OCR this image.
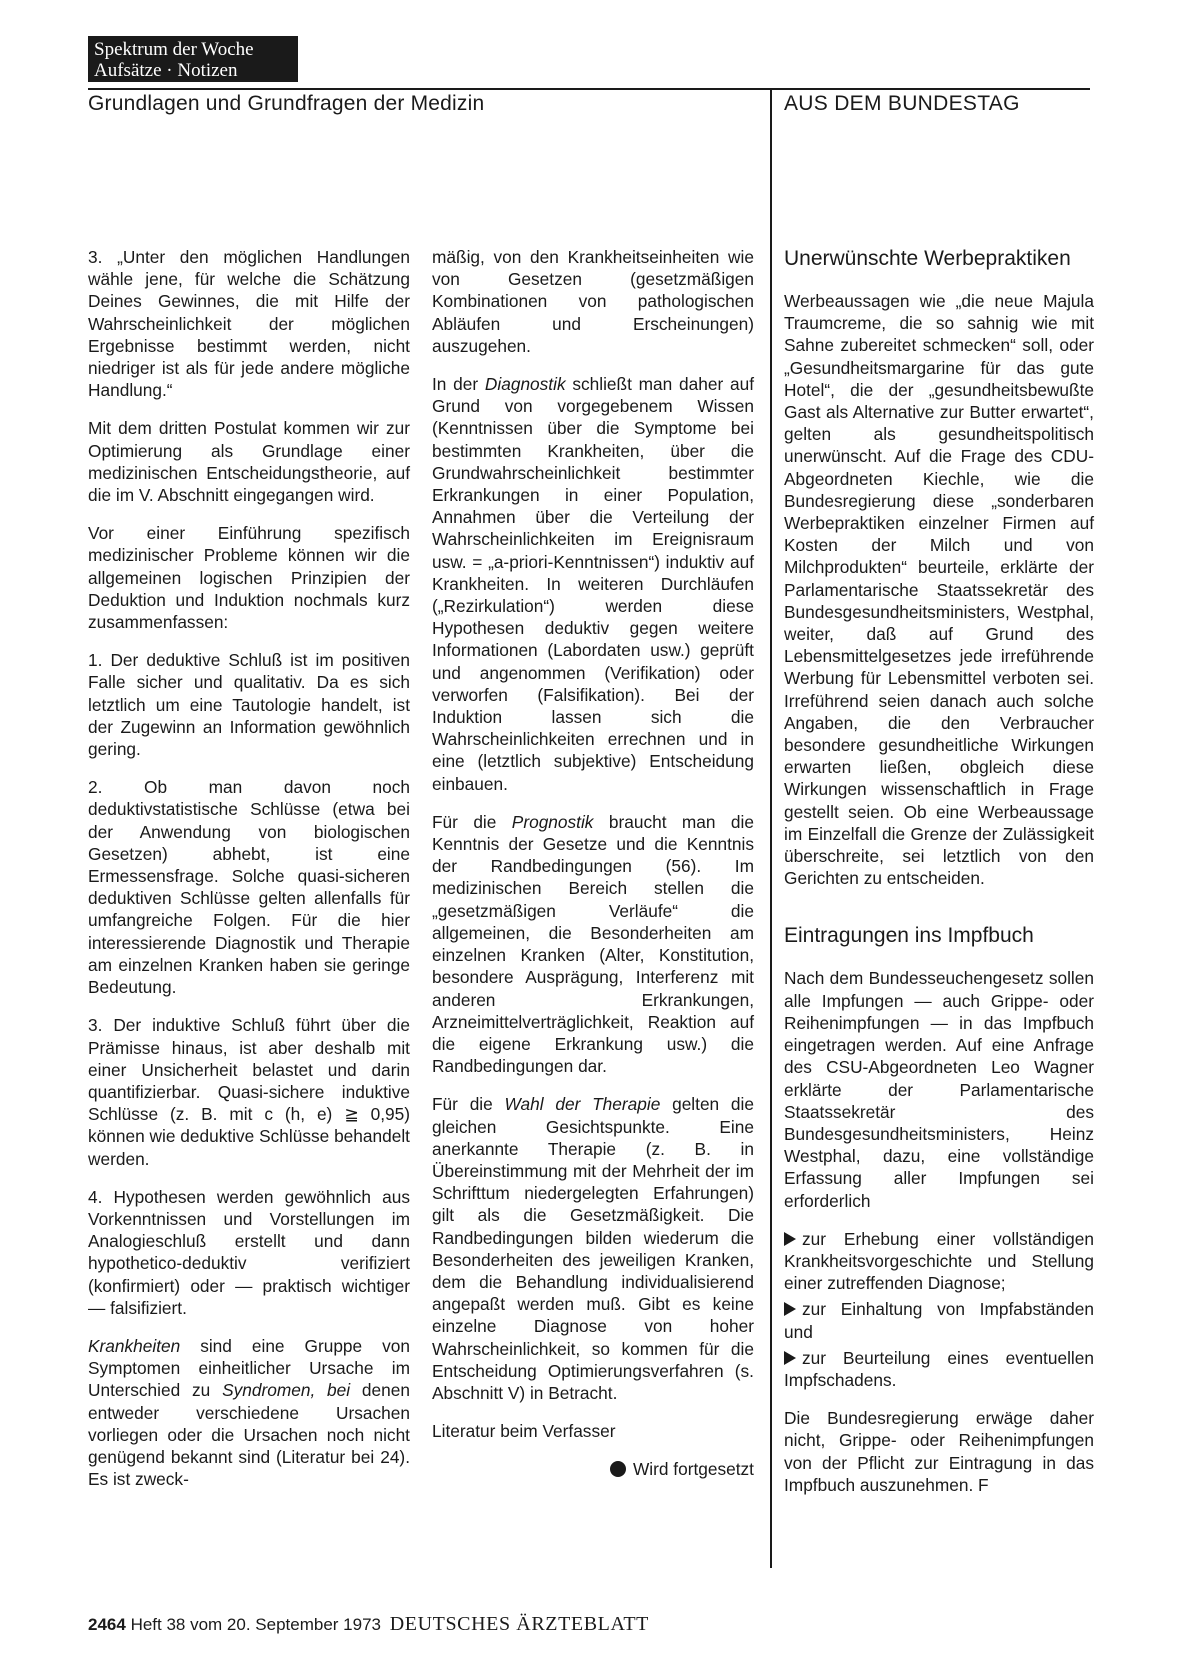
Spektrum der Woche
Aufsätze · Notizen
Grundlagen und Grundfragen der Medizin	AUS DEM BUNDESTAG

3. „Unter den möglichen Handlungen wähle jene, für welche die Schätzung Deines Gewinnes, die mit Hilfe der Wahrscheinlichkeit der möglichen Ergebnisse bestimmt werden, nicht niedriger ist als für jede andere mögliche Handlung.“

Mit dem dritten Postulat kommen wir zur Optimierung als Grundlage einer medizinischen Entscheidungstheorie, auf die im V. Abschnitt eingegangen wird.

Vor einer Einführung spezifisch medizinischer Probleme können wir die allgemeinen logischen Prinzipien der Deduktion und Induktion nochmals kurz zusammenfassen:

1. Der deduktive Schluß ist im positiven Falle sicher und qualitativ. Da es sich letztlich um eine Tautologie handelt, ist der Zugewinn an Information gewöhnlich gering.

2. Ob man davon noch deduktivstatistische Schlüsse (etwa bei der Anwendung von biologischen Gesetzen) abhebt, ist eine Ermessensfrage. Solche quasi-sicheren deduktiven Schlüsse gelten allenfalls für umfangreiche Folgen. Für die hier interessierende Diagnostik und Therapie am einzelnen Kranken haben sie geringe Bedeutung.

3. Der induktive Schluß führt über die Prämisse hinaus, ist aber deshalb mit einer Unsicherheit belastet und darin quantifizierbar. Quasi-sichere induktive Schlüsse (z. B. mit c (h, e) ≧ 0,95) können wie deduktive Schlüsse behandelt werden.

4. Hypothesen werden gewöhnlich aus Vorkenntnissen und Vorstellungen im Analogieschluß erstellt und dann hypothetico-deduktiv verifiziert (konfirmiert) oder — praktisch wichtiger — falsifiziert.

Krankheiten sind eine Gruppe von Symptomen einheitlicher Ursache im Unterschied zu Syndromen, bei denen entweder verschiedene Ursachen vorliegen oder die Ursachen noch nicht genügend bekannt sind (Literatur bei 24). Es ist zweck-

mäßig, von den Krankheitseinheiten wie von Gesetzen (gesetzmäßigen Kombinationen von pathologischen Abläufen und Erscheinungen) auszugehen.

In der Diagnostik schließt man daher auf Grund von vorgegebenem Wissen (Kenntnissen über die Symptome bei bestimmten Krankheiten, über die Grundwahrscheinlichkeit bestimmter Erkrankungen in einer Population, Annahmen über die Verteilung der Wahrscheinlichkeiten im Ereignisraum usw. = „a-priori-Kenntnissen“) induktiv auf Krankheiten. In weiteren Durchläufen („Rezirkulation“) werden diese Hypothesen deduktiv gegen weitere Informationen (Labordaten usw.) geprüft und angenommen (Verifikation) oder verworfen (Falsifikation). Bei der Induktion lassen sich die Wahrscheinlichkeiten errechnen und in eine (letztlich subjektive) Entscheidung einbauen.

Für die Prognostik braucht man die Kenntnis der Gesetze und die Kenntnis der Randbedingungen (56). Im medizinischen Bereich stellen die „gesetzmäßigen Verläufe“ die allgemeinen, die Besonderheiten am einzelnen Kranken (Alter, Konstitution, besondere Ausprägung, Interferenz mit anderen Erkrankungen, Arzneimittelverträglichkeit, Reaktion auf die eigene Erkrankung usw.) die Randbedingungen dar.

Für die Wahl der Therapie gelten die gleichen Gesichtspunkte. Eine anerkannte Therapie (z. B. in Übereinstimmung mit der Mehrheit der im Schrifttum niedergelegten Erfahrungen) gilt als die Gesetzmäßigkeit. Die Randbedingungen bilden wiederum die Besonderheiten des jeweiligen Kranken, dem die Behandlung individualisierend angepaßt werden muß. Gibt es keine einzelne Diagnose von hoher Wahrscheinlichkeit, so kommen für die Entscheidung Optimierungsverfahren (s. Abschnitt V) in Betracht.

Literatur beim Verfasser

Wird fortgesetzt

Unerwünschte Werbepraktiken

Werbeaussagen wie „die neue Majula Traumcreme, die so sahnig wie mit Sahne zubereitet schmecken“ soll, oder „Gesundheitsmargarine für das gute Hotel“, die der „gesundheitsbewußte Gast als Alternative zur Butter erwartet“, gelten als gesundheitspolitisch unerwünscht. Auf die Frage des CDU-Abgeordneten Kiechle, wie die Bundesregierung diese „sonderbaren Werbepraktiken einzelner Firmen auf Kosten der Milch und von Milchprodukten“ beurteile, erklärte der Parlamentarische Staatssekretär des Bundesgesundheitsministers, Westphal, weiter, daß auf Grund des Lebensmittelgesetzes jede irreführende Werbung für Lebensmittel verboten sei. Irreführend seien danach auch solche Angaben, die den Verbraucher besondere gesundheitliche Wirkungen erwarten ließen, obgleich diese Wirkungen wissenschaftlich in Frage gestellt seien. Ob eine Werbeaussage im Einzelfall die Grenze der Zulässigkeit überschreite, sei letztlich von den Gerichten zu entscheiden.

Eintragungen ins Impfbuch

Nach dem Bundesseuchengesetz sollen alle Impfungen — auch Grippe- oder Reihenimpfungen — in das Impfbuch eingetragen werden. Auf eine Anfrage des CSU-Abgeordneten Leo Wagner erklärte der Parlamentarische Staatssekretär des Bundesgesundheitsministers, Heinz Westphal, dazu, eine vollständige Erfassung aller Impfungen sei erforderlich

zur Erhebung einer vollständigen Krankheitsvorgeschichte und Stellung einer zutreffenden Diagnose;

zur Einhaltung von Impfabständen und

zur Beurteilung eines eventuellen Impfschadens.

Die Bundesregierung erwäge daher nicht, Grippe- oder Reihenimpfungen von der Pflicht zur Eintragung in das Impfbuch auszunehmen. F

2464 Heft 38 vom 20. September 1973 DEUTSCHES ÄRZTEBLATT
